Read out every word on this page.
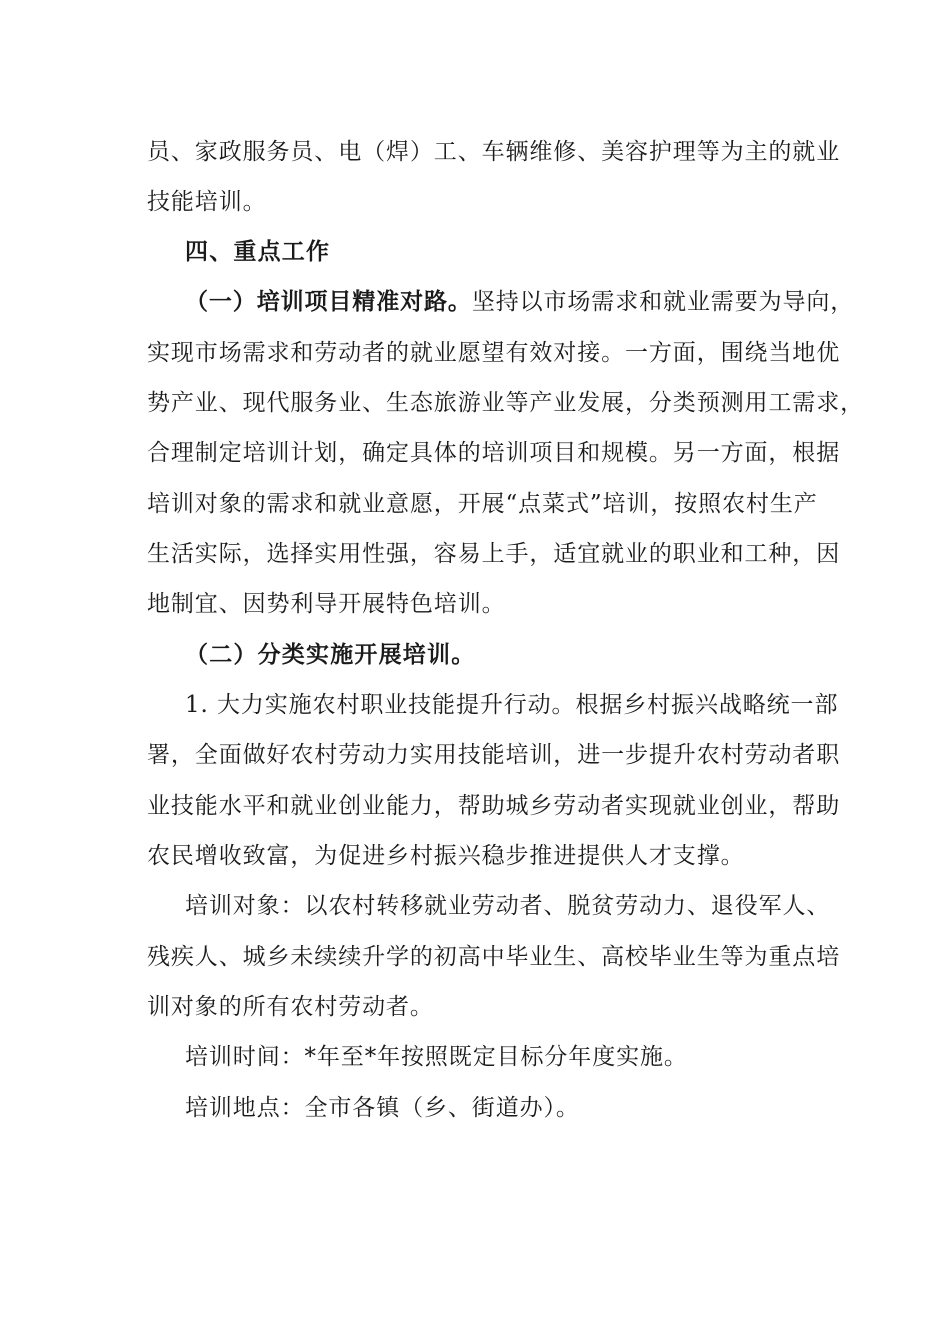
员、家政服务员、电（焊）工、车辆维修、美容护理等为主的就业
技能培训。
四、重点工作
（一）培训项目精准对路。坚持以市场需求和就业需要为导向，
实现市场需求和劳动者的就业愿望有效对接。一方面，围绕当地优
势产业、现代服务业、生态旅游业等产业发展，分类预测用工需求，
合理制定培训计划，确定具体的培训项目和规模。另一方面，根据
培训对象的需求和就业意愿，开展“点菜式”培训，按照农村生产
生活实际，选择实用性强，容易上手，适宜就业的职业和工种，因
地制宜、因势利导开展特色培训。
（二）分类实施开展培训。
1. 大力实施农村职业技能提升行动。根据乡村振兴战略统一部
署，全面做好农村劳动力实用技能培训，进一步提升农村劳动者职
业技能水平和就业创业能力，帮助城乡劳动者实现就业创业，帮助
农民增收致富，为促进乡村振兴稳步推进提供人才支撑。
培训对象：以农村转移就业劳动者、脱贫劳动力、退役军人、
残疾人、城乡未续续升学的初高中毕业生、高校毕业生等为重点培
训对象的所有农村劳动者。
培训时间：*年至*年按照既定目标分年度实施。
培训地点：全市各镇（乡、街道办）。
